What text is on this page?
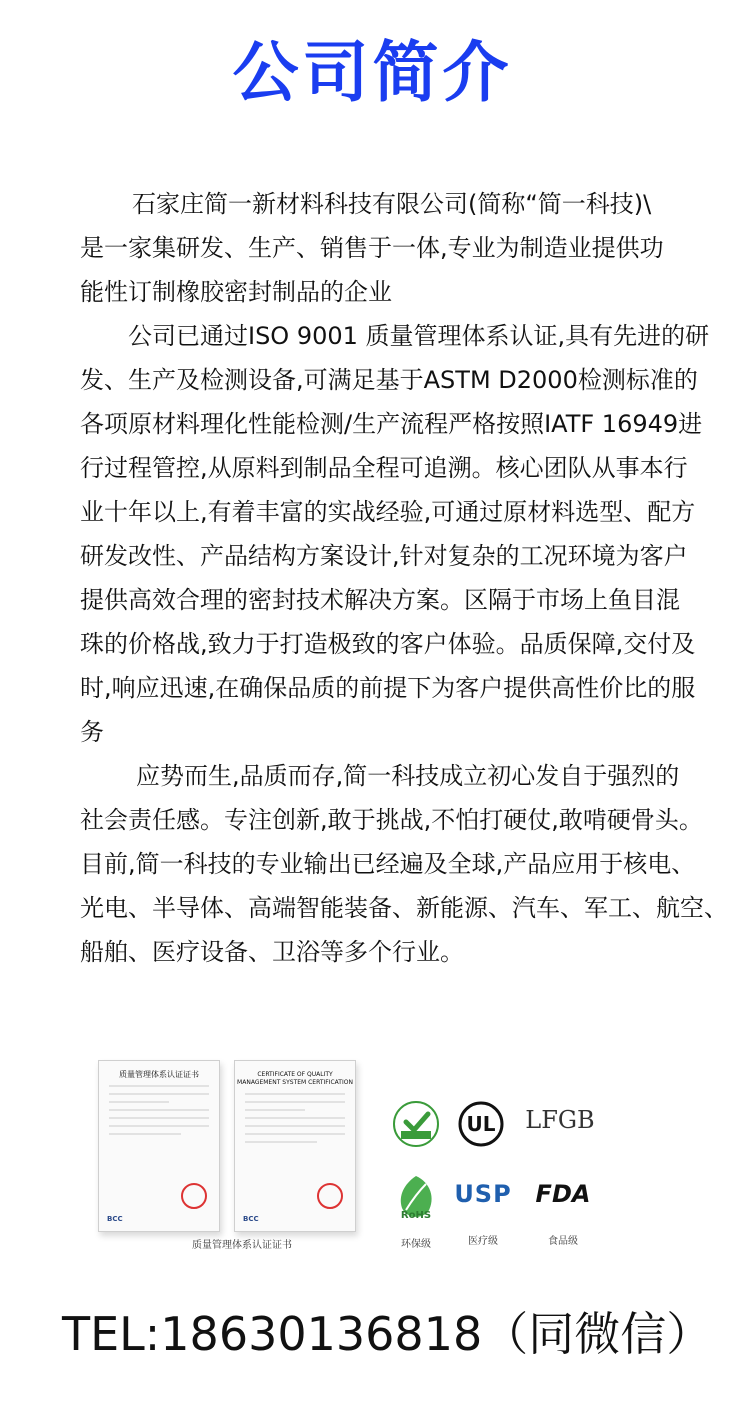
公司简介
石家庄简一新材料科技有限公司(简称“简一科技)\
是一家集研发、生产、销售于一体,专业为制造业提供功
能性订制橡胶密封制品的企业
公司已通过ISO 9001 质量管理体系认证,具有先进的研
发、生产及检测设备,可满足基于ASTM D2000检测标准的
各项原材料理化性能检测/生产流程严格按照IATF 16949进
行过程管控,从原料到制品全程可追溯。核心团队从事本行
业十年以上,有着丰富的实战经验,可通过原材料选型、配方
研发改性、产品结构方案设计,针对复杂的工况环境为客户
提供高效合理的密封技术解决方案。区隔于市场上鱼目混
珠的价格战,致力于打造极致的客户体验。品质保障,交付及
时,响应迅速,在确保品质的前提下为客户提供高性价比的服
务
应势而生,品质而存,简一科技成立初心发自于强烈的
社会责任感。专注创新,敢于挑战,不怕打硬仗,敢啃硬骨头。
目前,简一科技的专业输出已经遍及全球,产品应用于核电、
光电、半导体、高端智能装备、新能源、汽车、军工、航空、
船舶、医疗设备、卫浴等多个行业。
质量管理体系认证证书
BCC
CERTIFICATE OF QUALITY MANAGEMENT SYSTEM CERTIFICATION
BCC
质量管理体系认证证书
REACH	UL	LFGB
RoHS
环保级
USP
医疗级
FDA
食品级
TEL:18630136818（同微信）
